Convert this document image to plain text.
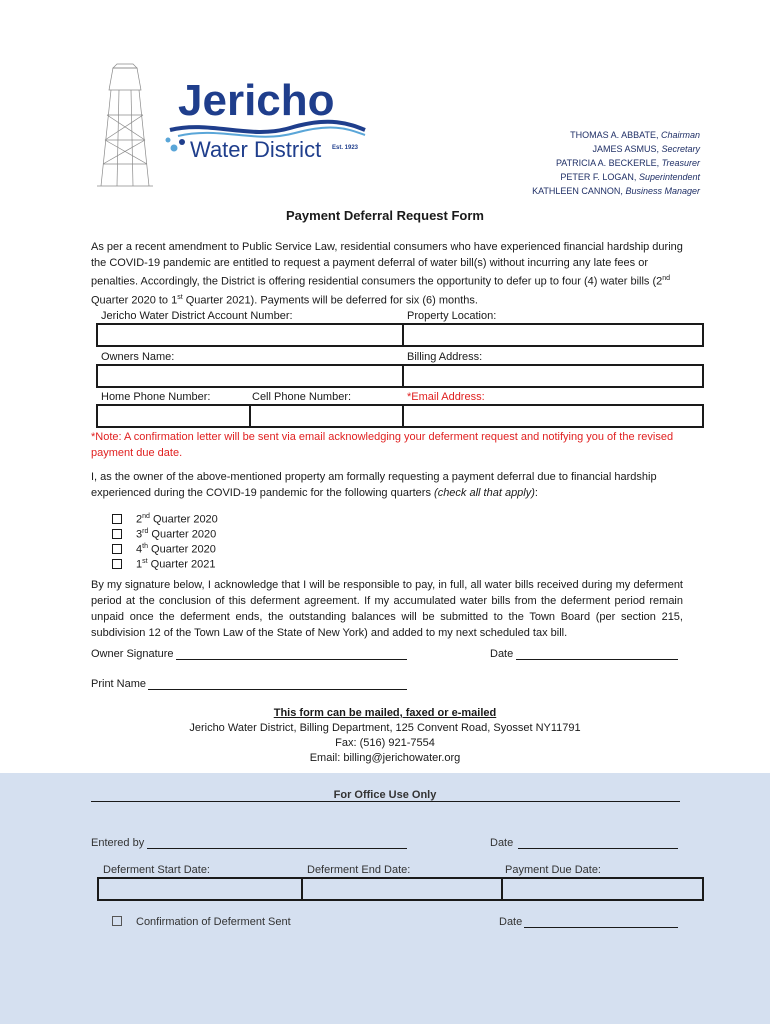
Jericho
Water District Est. 1923
THOMAS A. ABBATE, Chairman
JAMES ASMUS, Secretary
PATRICIA A. BECKERLE, Treasurer
PETER F. LOGAN, Superintendent
KATHLEEN CANNON, Business Manager
Payment Deferral Request Form
As per a recent amendment to Public Service Law, residential consumers who have experienced financial hardship during the COVID-19 pandemic are entitled to request a payment deferral of water bill(s) without incurring any late fees or penalties. Accordingly, the District is offering residential consumers the opportunity to defer up to four (4) water bills (2nd Quarter 2020 to 1st Quarter 2021). Payments will be deferred for six (6) months.
Jericho Water District Account Number:	Property Location:
Owners Name:	Billing Address:
Home Phone Number:	Cell Phone Number:	*Email Address:
*Note: A confirmation letter will be sent via email acknowledging your deferment request and notifying you of the revised payment due date.
I, as the owner of the above-mentioned property am formally requesting a payment deferral due to financial hardship experienced during the COVID-19 pandemic for the following quarters (check all that apply):
2nd Quarter 2020
3rd Quarter 2020
4th Quarter 2020
1st Quarter 2021
By my signature below, I acknowledge that I will be responsible to pay, in full, all water bills received during my deferment period at the conclusion of this deferment agreement. If my accumulated water bills from the deferment period remain unpaid once the deferment ends, the outstanding balances will be submitted to the Town Board (per section 215, subdivision 12 of the Town Law of the State of New York) and added to my next scheduled tax bill.
Owner Signature	Date
Print Name
This form can be mailed, faxed or e-mailed
Jericho Water District, Billing Department, 125 Convent Road, Syosset NY11791
Fax: (516) 921-7554
Email: billing@jerichowater.org
For Office Use Only
Entered by	Date
Deferment Start Date:	Deferment End Date:	Payment Due Date:
Confirmation of Deferment Sent	Date
